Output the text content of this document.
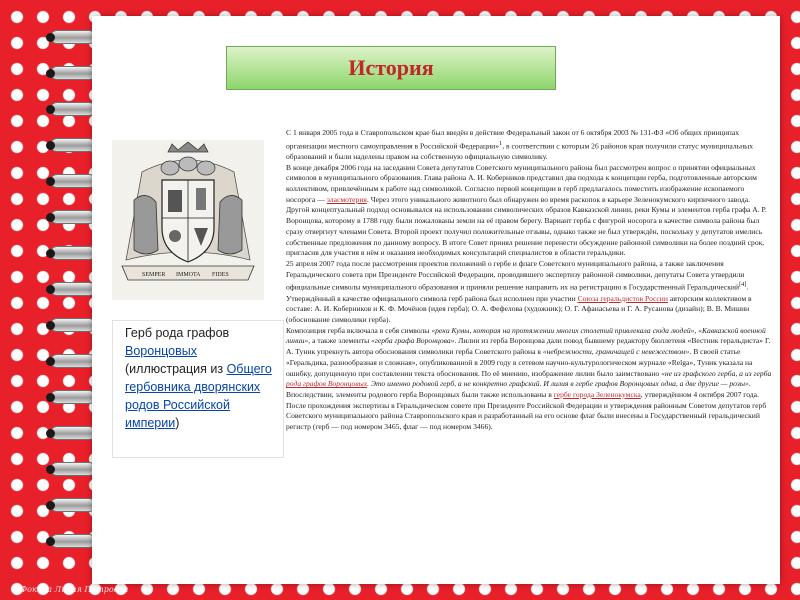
История
SEMPER IMMOTA FIDES
Герб рода графов Воронцовых (иллюстрация из Общего гербовника дворянских родов Российской империи)

С 1 января 2005 года в Ставропольском крае был введён в действие Федеральный закон от 6 октября 2003 № 131-ФЗ «Об общих принципах организации местного самоуправления в Российской Федерации»$^1$, в соответствии с которым 26 районов края получили статус муниципальных образований и были наделены правом на собственную официальную символику.

В конце декабря 2006 года на заседании Совета депутатов Советского муниципального района был рассмотрен вопрос о принятии официальных символов в муниципального образования. Глава района А. И. Коберников представил два подхода к концепции герба, подготовленные авторским коллективом, привлечённым к работе над символикой. Согласно первой концепции в герб предлагалось поместить изображение ископаемого носорога — эласмотерия. Через этого уникального животного был обнаружен во время раскопок в карьере Зеленокумского кирпичного завода. Другой концептуальный подход основывался на использовании символических образов Кавказской линии, реки Кумы и элементов герба графа А. Р. Воронцова, которому в 1788 году были пожалованы земли на её правом берегу. Вариант герба с фигурой носорога в качестве символа района был сразу отвергнут членами Совета. Второй проект получил положительные отзывы, однако также не был утверждён, поскольку у депутатов имелись собственные предложения по данному вопросу. В итоге Совет принял решение перенести обсуждение районной символики на более поздний срок, пригласив для участия в нём и оказания необходимых консультаций специалистов в области геральдики.

25 апреля 2007 года после рассмотрения проектов положений о гербе и флаге Советского муниципального района, а также заключения Геральдического совета при Президенте Российской Федерации, проводившего экспертизу районной символики, депутаты Совета утвердили официальные символы муниципального образования и приняли решение направить их на регистрацию в Государственный Геральдический[4]. Утверждённый в качестве официального символа герб района был исполнен при участии Союза геральдистов России авторским коллективом в составе: А. И. Коберников и К. Ф. Мочёнов (идея герба); О. А. Фефелова (художник); О. Г. Афанасьева и Г. А. Русанова (дизайн); В. В. Мишин (обоснование символики герба).

Композиция герба включала в себя символы «реки Кумы, которая на протяжении многих столетий привлекала сюда людей», «Кавказской военной линии», а также элементы «герба графа Воронцова». Лилии из герба Воронцова дали повод бывшему редактору бюллетеня «Вестник геральдиста» Г. А. Туник упрекнуть автора обоснования символики герба Советского района в «небрежности, граничащей с невежеством». В своей статье «Геральдика, разнообразная и сложная», опубликованной в 2009 году в сетевом научно-культурологическом журнале «Relga», Туник указала на ошибку, допущенную при составлении текста обоснования. По её мнению, изображение лилии было заимствовано «не из графского герба, а из герба рода графов Воронцовых. Это именно родовой герб, а не конкретно графский. И лилия в гербе графов Воронцовых одна, а две другие — розы». Впоследствии, элементы родового герба Воронцовых были также использованы в гербе города Зеленокумска, утверждённом 4 октября 2007 года.

После прохождения экспертизы в Геральдическом совете при Президенте Российской Федерации и утверждения районным Советом депутатов герб Советского муниципального района Ставропольского края и разработанный на его основе флаг были внесены в Государственный геральдический регистр (герб — под номером 3465, флаг — под номером 3466).

© Фокина Лидия Петровна
